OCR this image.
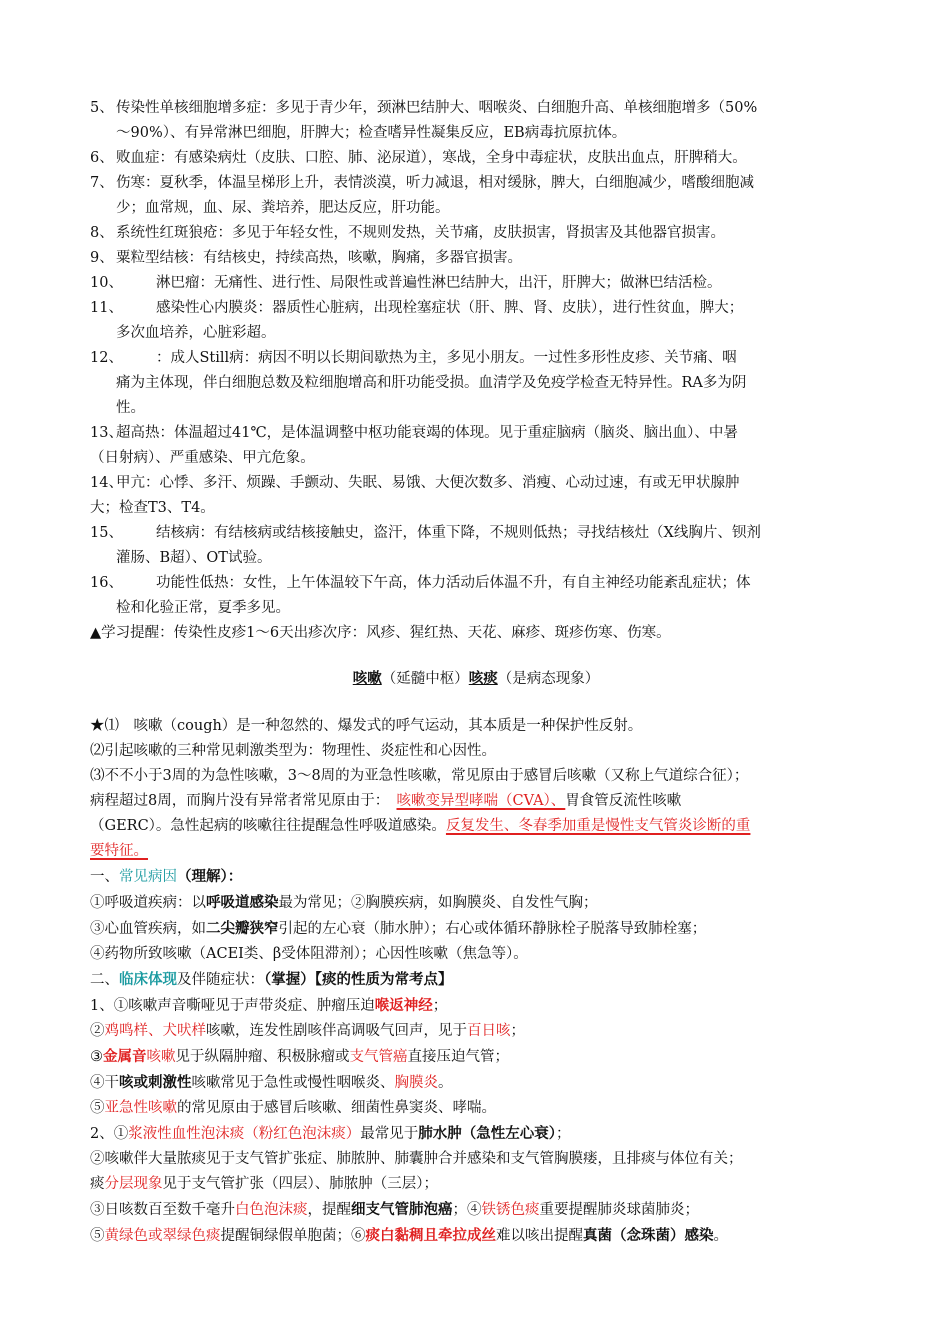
5、 传染性单核细胞增多症：多见于青少年，颈淋巴结肿大、咽喉炎、白细胞升高、单核细胞增多（50%

～90%）、有异常淋巴细胞，肝脾大；检查嗜异性凝集反应，EB病毒抗原抗体。

6、 败血症：有感染病灶（皮肤、口腔、肺、泌尿道），寒战，全身中毒症状，皮肤出血点，肝脾稍大。

7、 伤寒：夏秋季，体温呈梯形上升，表情淡漠，听力减退，相对缓脉，脾大，白细胞减少，嗜酸细胞减

少；血常规，血、尿、粪培养，肥达反应，肝功能。

8、 系统性红斑狼疮：多见于年轻女性，不规则发热，关节痛，皮肤损害，肾损害及其他器官损害。

9、 粟粒型结核：有结核史，持续高热，咳嗽，胸痛，多器官损害。

10、	淋巴瘤：无痛性、进行性、局限性或普遍性淋巴结肿大，出汗，肝脾大；做淋巴结活检。

11、	感染性心内膜炎：器质性心脏病，出现栓塞症状（肝、脾、肾、皮肤），进行性贫血，脾大；

多次血培养，心脏彩超。

12、	：成人Still病：病因不明以长期间歇热为主，多见小朋友。一过性多形性皮疹、关节痛、咽

痛为主体现，伴白细胞总数及粒细胞增高和肝功能受损。血清学及免疫学检查无特异性。RA多为阴

性。

13、

超高热：体温超过41℃，是体温调整中枢功能衰竭的体现。见于重症脑病（脑炎、脑出血）、中暑

（日射病）、严重感染、甲亢危象。

14、

甲亢：心悸、多汗、烦躁、手颤动、失眠、易饿、大便次数多、消瘦、心动过速，有或无甲状腺肿

大；检查T3、T4。

15、	结核病：有结核病或结核接触史，盗汗，体重下降，不规则低热；寻找结核灶（X线胸片、钡剂

灌肠、B超）、OT试验。

16、	功能性低热：女性，上午体温较下午高，体力活动后体温不升，有自主神经功能紊乱症状；体

检和化验正常，夏季多见。

▲学习提醒：传染性皮疹1～6天出疹次序：风疹、猩红热、天花、麻疹、斑疹伤寒、伤寒。

咳嗽（延髓中枢）咳痰（是病态现象）

★⑴　咳嗽（cough）是一种忽然的、爆发式的呼气运动，其本质是一种保护性反射。

⑵引起咳嗽的三种常见刺激类型为：物理性、炎症性和心因性。

⑶不不小于3周的为急性咳嗽，3～8周的为亚急性咳嗽，常见原由于感冒后咳嗽（又称上气道综合征）；

病程超过8周，而胸片没有异常者常见原由于：　 咳嗽变异型哮喘（CVA）、胃食管反流性咳嗽

（GERC）。急性起病的咳嗽往往提醒急性呼吸道感染。反复发生、冬春季加重是慢性支气管炎诊断的重

要特征。

一、常见病因（理解）：

①呼吸道疾病：以呼吸道感染最为常见；②胸膜疾病，如胸膜炎、自发性气胸；

③心血管疾病，如二尖瓣狭窄引起的左心衰（肺水肿）；右心或体循环静脉栓子脱落导致肺栓塞；

④药物所致咳嗽（ACEI类、β受体阻滞剂）；心因性咳嗽（焦急等）。

二、临床体现及伴随症状：（掌握）【痰的性质为常考点】

1、①咳嗽声音嘶哑见于声带炎症、肿瘤压迫喉返神经；

②鸡鸣样、犬吠样咳嗽，连发性剧咳伴高调吸气回声，见于百日咳；

③金属音咳嗽见于纵隔肿瘤、积极脉瘤或支气管癌直接压迫气管；

④干咳或刺激性咳嗽常见于急性或慢性咽喉炎、胸膜炎。

⑤亚急性咳嗽的常见原由于感冒后咳嗽、细菌性鼻窦炎、哮喘。

2、①浆液性血性泡沫痰（粉红色泡沫痰）最常见于肺水肿（急性左心衰）；

②咳嗽伴大量脓痰见于支气管扩张症、肺脓肿、肺囊肿合并感染和支气管胸膜瘘，且排痰与体位有关；

痰分层现象见于支气管扩张（四层）、肺脓肿（三层）；

③日咳数百至数千毫升白色泡沫痰，提醒细支气管肺泡癌；④铁锈色痰重要提醒肺炎球菌肺炎；

⑤黄绿色或翠绿色痰提醒铜绿假单胞菌；⑥痰白黏稠且牵拉成丝难以咳出提醒真菌（念珠菌）感染。
